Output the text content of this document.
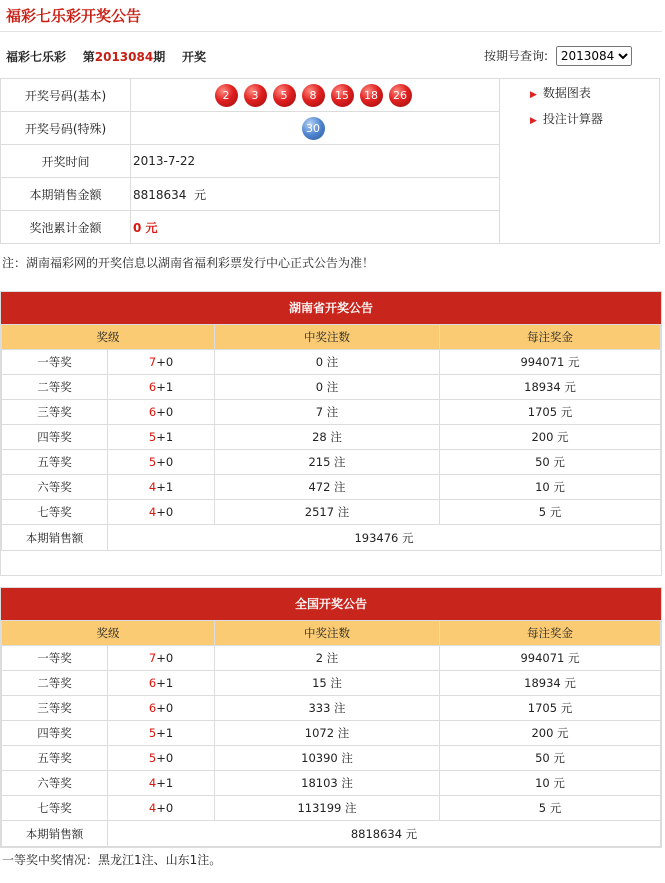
福彩七乐彩开奖公告
福彩七乐彩 第2013084期 开奖	按期号查询:
2013084
开奖号码(基本)	2 3 5 8 15 18 26	▶ 数据图表
▶ 投注计算器

开奖号码(特殊)	30	
开奖时间	2013-7-22	
本期销售金额	8818634 元	
奖池累计金额	0 元	
注：湖南福彩网的开奖信息以湖南省福利彩票发行中心正式公告为准！
湖南省开奖公告
奖级		中奖注数	每注奖金
一等奖	7+0	0 注	994071 元
二等奖	6+1	0 注	18934 元
三等奖	6+0	7 注	1705 元
四等奖	5+1	28 注	200 元
五等奖	5+0	215 注	50 元
六等奖	4+1	472 注	10 元
七等奖	4+0	2517 注	5 元
本期销售额	193476 元		
全国开奖公告
奖级		中奖注数	每注奖金
一等奖	7+0	2 注	994071 元
二等奖	6+1	15 注	18934 元
三等奖	6+0	333 注	1705 元
四等奖	5+1	1072 注	200 元
五等奖	5+0	10390 注	50 元
六等奖	4+1	18103 注	10 元
七等奖	4+0	113199 注	5 元
本期销售额	8818634 元		
一等奖中奖情况：黑龙江1注、山东1注。
